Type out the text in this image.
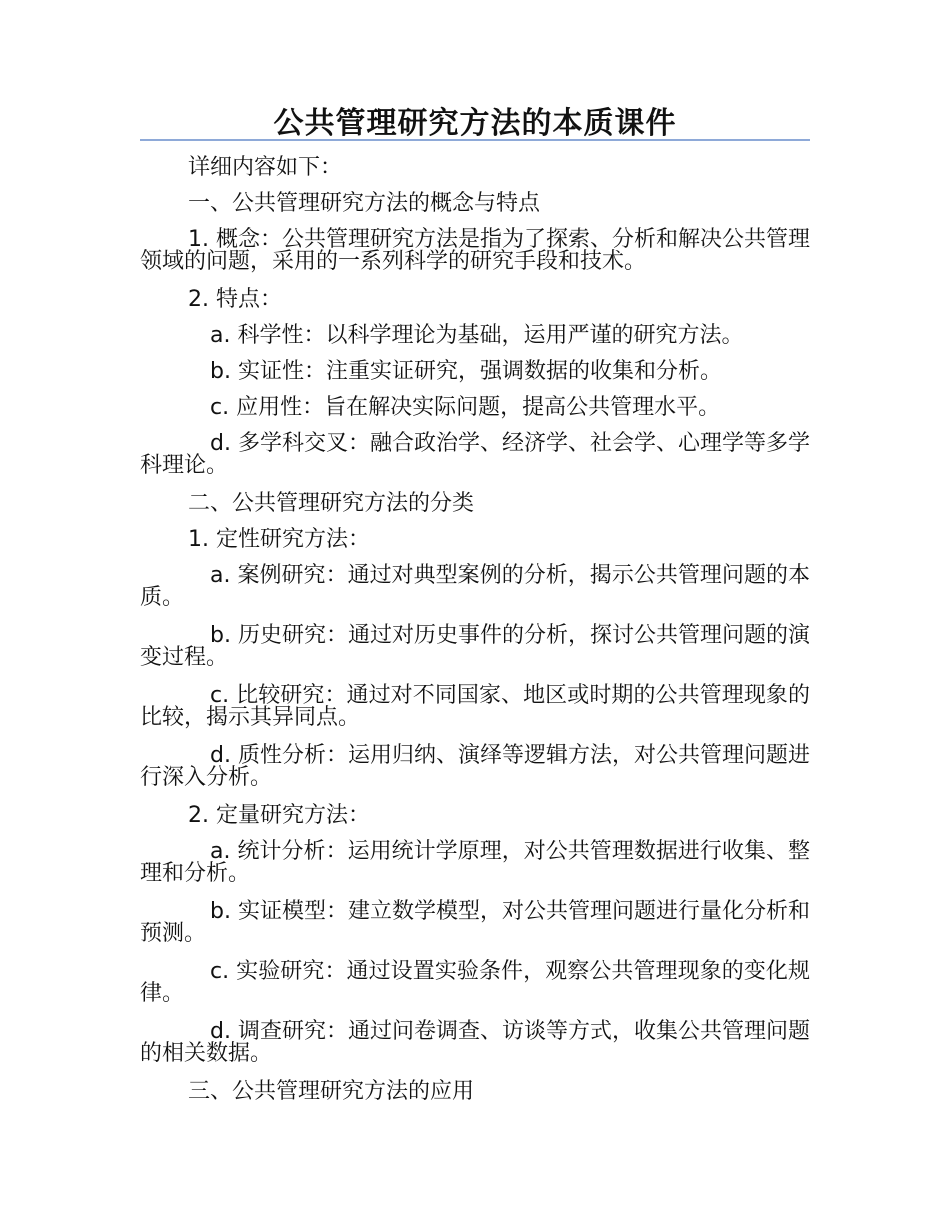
公共管理研究方法的本质课件

详细内容如下：

一、公共管理研究方法的概念与特点

1. 概念：公共管理研究方法是指为了探索、分析和解决公共管理领域的问题，采用的一系列科学的研究手段和技术。

2. 特点：

a. 科学性：以科学理论为基础，运用严谨的研究方法。

b. 实证性：注重实证研究，强调数据的收集和分析。

c. 应用性：旨在解决实际问题，提高公共管理水平。

d. 多学科交叉：融合政治学、经济学、社会学、心理学等多学科理论。

二、公共管理研究方法的分类

1. 定性研究方法：

a. 案例研究：通过对典型案例的分析，揭示公共管理问题的本质。

b. 历史研究：通过对历史事件的分析，探讨公共管理问题的演变过程。

c. 比较研究：通过对不同国家、地区或时期的公共管理现象的比较，揭示其异同点。

d. 质性分析：运用归纳、演绎等逻辑方法，对公共管理问题进行深入分析。

2. 定量研究方法：

a. 统计分析：运用统计学原理，对公共管理数据进行收集、整理和分析。

b. 实证模型：建立数学模型，对公共管理问题进行量化分析和预测。

c. 实验研究：通过设置实验条件，观察公共管理现象的变化规律。

d. 调查研究：通过问卷调查、访谈等方式，收集公共管理问题的相关数据。

三、公共管理研究方法的应用
